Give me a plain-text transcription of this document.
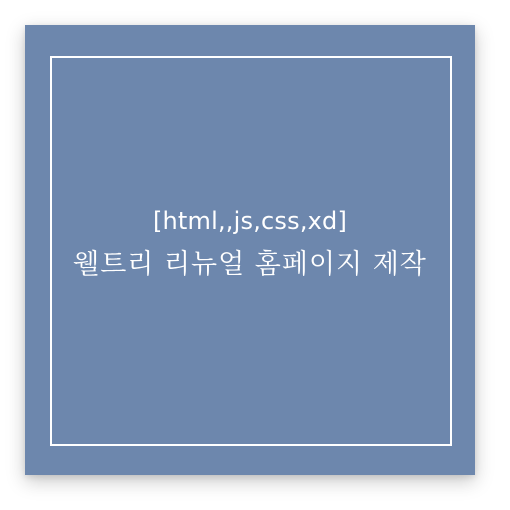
[html,,js,css,xd]
웰트리 리뉴얼 홈페이지 제작
